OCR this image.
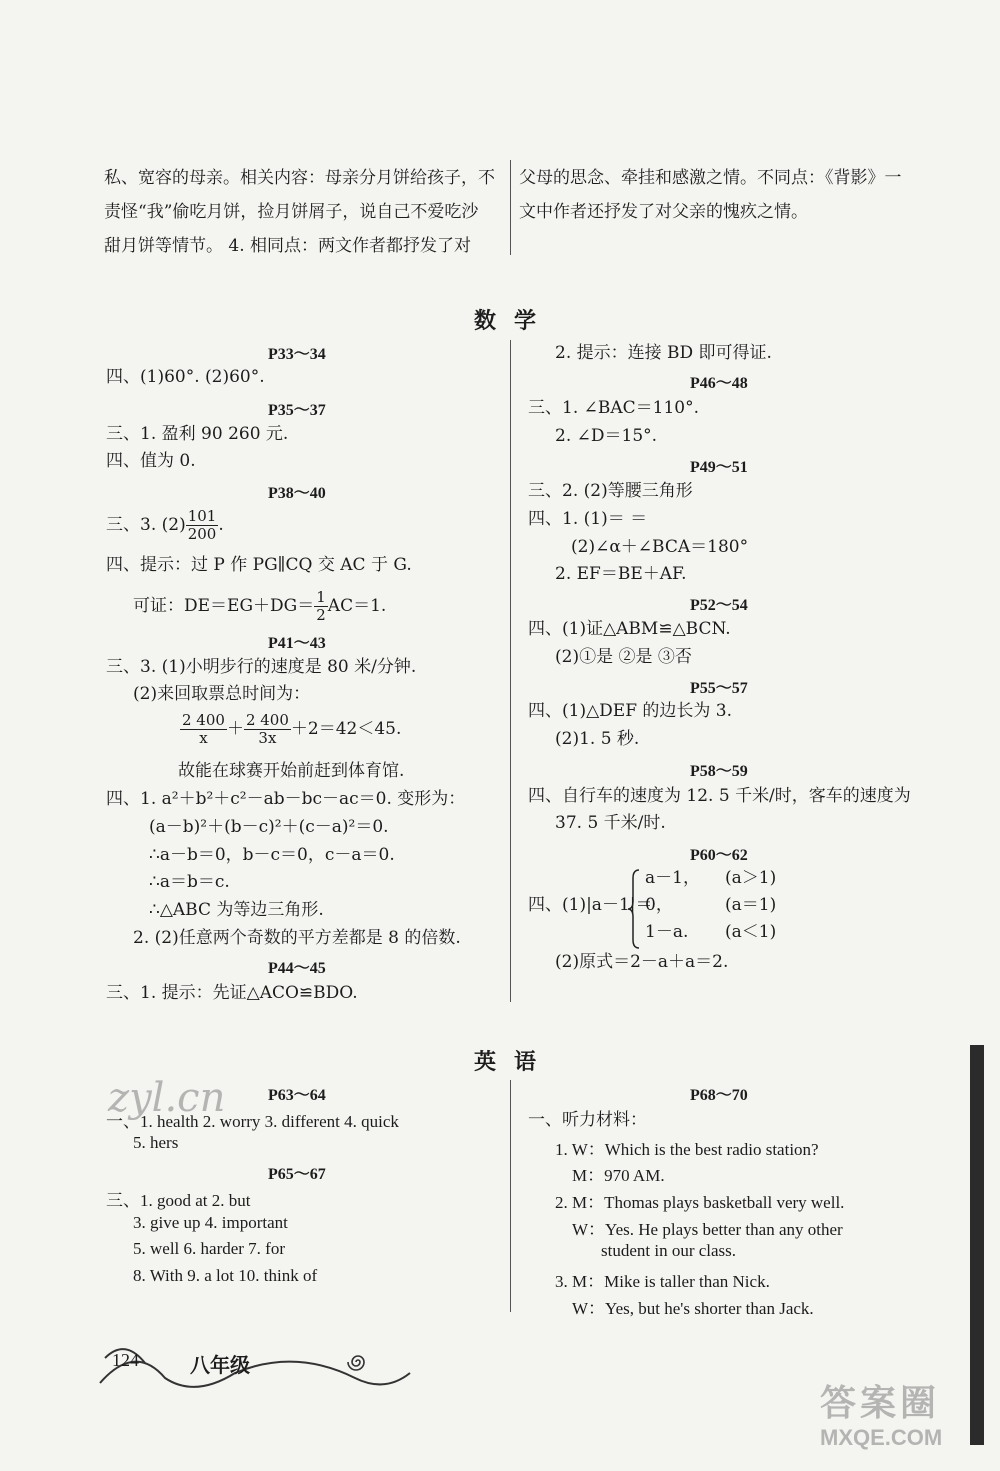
私、宽容的母亲。相关内容：母亲分月饼给孩子，不
责怪“我”偷吃月饼，捡月饼屑子，说自己不爱吃沙
甜月饼等情节。 4. 相同点：两文作者都抒发了对
父母的思念、牵挂和感激之情。不同点：《背影》一
文中作者还抒发了对父亲的愧疚之情。
数学
P33～34
四、(1)60°. (2)60°.
P35～37
三、1. 盈利 90 260 元.
四、值为 0.
P38～40
三、3. $(2) \frac{101}{200}$ .
四、提示：过 P 作 PG∥CQ 交 AC 于 G.
可证：$DE=EG+DG= \frac{1}{2} AC=1$.
P41～43
三、3. (1)小明步行的速度是 80 米/分钟.
(2)来回取票总时间为：
$\frac{2 400}{x} + \frac{2 400}{3x} +2=42<45$.
故能在球赛开始前赶到体育馆.
四、1. a²＋b²＋c²－ab－bc－ac＝0. 变形为：
(a－b)²＋(b－c)²＋(c－a)²＝0.
∴a－b＝0，b－c＝0，c－a＝0.
∴a＝b＝c.
∴△ABC 为等边三角形.
2. (2)任意两个奇数的平方差都是 8 的倍数.
P44～45
三、1. 提示：先证△ACO≌BDO.
2. 提示：连接 BD 即可得证.
P46～48
三、1. ∠BAC＝110°.
2. ∠D＝15°.
P49～51
三、2. (2)等腰三角形
四、1. (1)＝ ＝
(2)∠α＋∠BCA＝180°
2. EF＝BE＋AF.
P52～54
四、(1)证△ABM≌△BCN.
(2)①是 ②是 ③否
P55～57
四、(1)△DEF 的边长为 3.
(2)1. 5 秒.
P58～59
四、自行车的速度为 12. 5 千米/时，客车的速度为
37. 5 千米/时.
P60～62
四、(1)|a－1|＝
a－1， (a＞1)
0，	(a＝1)
1－a. (a＜1)
(2)原式＝2－a＋a＝2.
英语
P63～64
一、1. health 2. worry 3. different 4. quick
5. hers
P65～67
三、1. good at 2. but
3. give up 4. important
5. well 6. harder 7. for
8. With 9. a lot 10. think of
P68～70
一、听力材料：
1. W：Which is the best radio station?
M：970 AM.
2. M：Thomas plays basketball very well.
W：Yes. He plays better than any other
student in our class.
3. M：Mike is taller than Nick.
W：Yes, but he's shorter than Jack.
zyl.cn
124	八年级
答案圈
MXQE.COM
